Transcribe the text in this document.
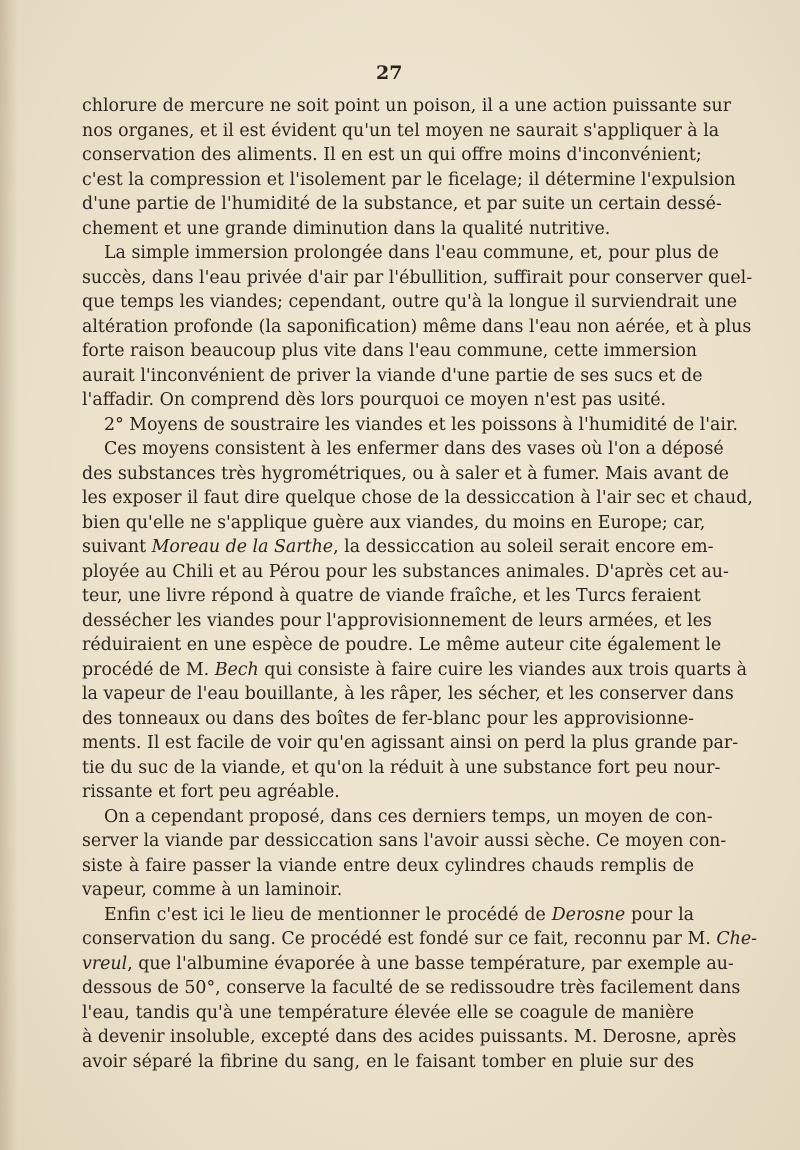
27
chlorure de mercure ne soit point un poison, il a une action puissante sur
nos organes, et il est évident qu'un tel moyen ne saurait s'appliquer à la
conservation des aliments. Il en est un qui offre moins d'inconvénient;
c'est la compression et l'isolement par le ficelage; il détermine l'expulsion
d'une partie de l'humidité de la substance, et par suite un certain dessé-
chement et une grande diminution dans la qualité nutritive.
La simple immersion prolongée dans l'eau commune, et, pour plus de
succès, dans l'eau privée d'air par l'ébullition, suffirait pour conserver quel-
que temps les viandes; cependant, outre qu'à la longue il surviendrait une
altération profonde (la saponification) même dans l'eau non aérée, et à plus
forte raison beaucoup plus vite dans l'eau commune, cette immersion
aurait l'inconvénient de priver la viande d'une partie de ses sucs et de
l'affadir. On comprend dès lors pourquoi ce moyen n'est pas usité.
2° Moyens de soustraire les viandes et les poissons à l'humidité de l'air.
Ces moyens consistent à les enfermer dans des vases où l'on a déposé
des substances très hygrométriques, ou à saler et à fumer. Mais avant de
les exposer il faut dire quelque chose de la dessiccation à l'air sec et chaud,
bien qu'elle ne s'applique guère aux viandes, du moins en Europe; car,
suivant Moreau de la Sarthe, la dessiccation au soleil serait encore em-
ployée au Chili et au Pérou pour les substances animales. D'après cet au-
teur, une livre répond à quatre de viande fraîche, et les Turcs feraient
dessécher les viandes pour l'approvisionnement de leurs armées, et les
réduiraient en une espèce de poudre. Le même auteur cite également le
procédé de M. Bech qui consiste à faire cuire les viandes aux trois quarts à
la vapeur de l'eau bouillante, à les râper, les sécher, et les conserver dans
des tonneaux ou dans des boîtes de fer-blanc pour les approvisionne-
ments. Il est facile de voir qu'en agissant ainsi on perd la plus grande par-
tie du suc de la viande, et qu'on la réduit à une substance fort peu nour-
rissante et fort peu agréable.
On a cependant proposé, dans ces derniers temps, un moyen de con-
server la viande par dessiccation sans l'avoir aussi sèche. Ce moyen con-
siste à faire passer la viande entre deux cylindres chauds remplis de
vapeur, comme à un laminoir.
Enfin c'est ici le lieu de mentionner le procédé de Derosne pour la
conservation du sang. Ce procédé est fondé sur ce fait, reconnu par M. Che-
vreul, que l'albumine évaporée à une basse température, par exemple au-
dessous de 50°, conserve la faculté de se redissoudre très facilement dans
l'eau, tandis qu'à une température élevée elle se coagule de manière
à devenir insoluble, excepté dans des acides puissants. M. Derosne, après
avoir séparé la fibrine du sang, en le faisant tomber en pluie sur des
